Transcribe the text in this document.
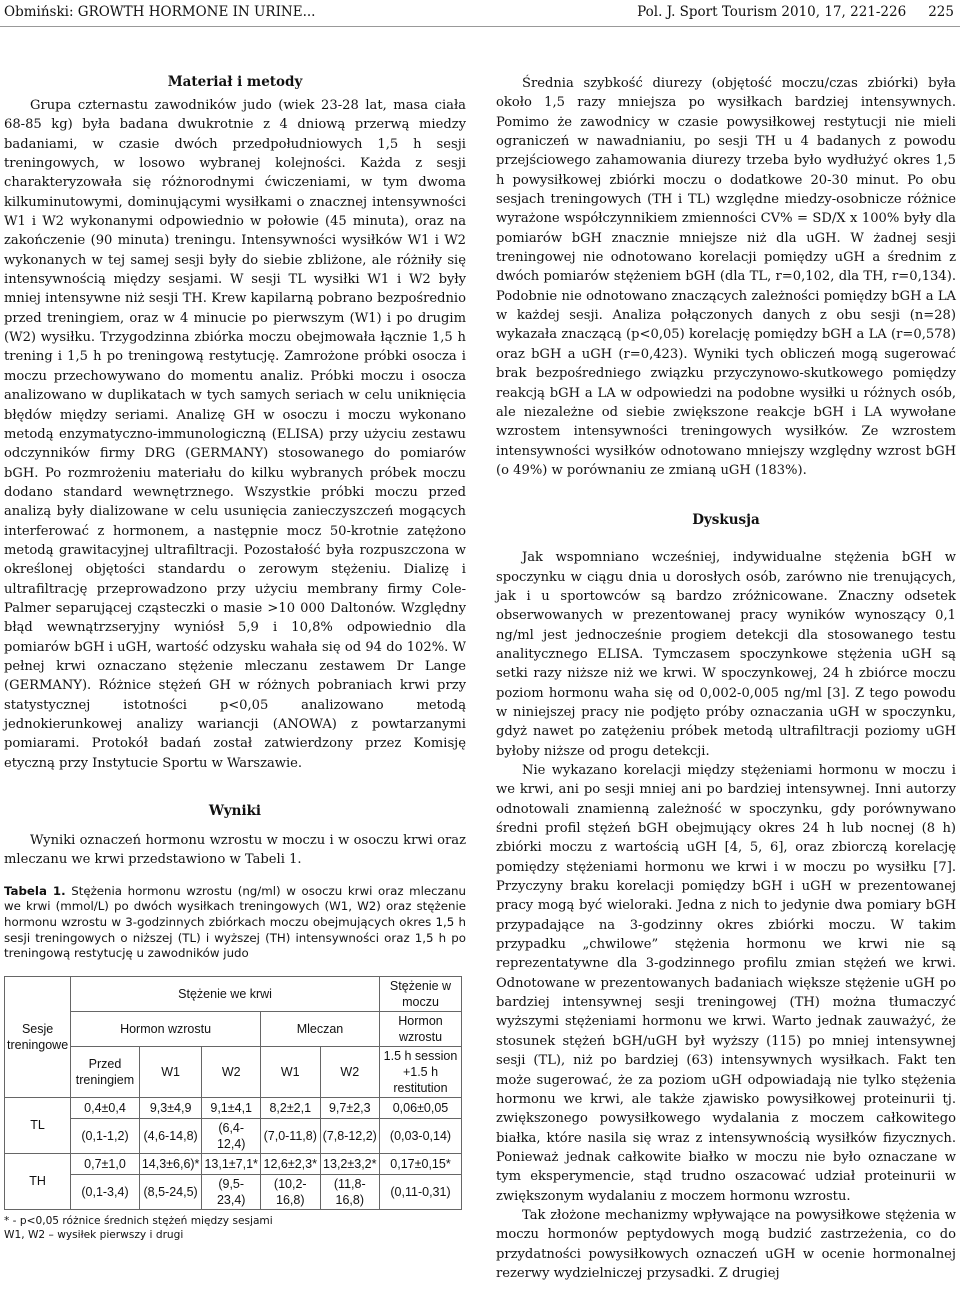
Obmiński: GROWTH HORMONE IN URINE...	Pol. J. Sport Tourism 2010, 17, 221-226 225
Materiał i metody

Grupa czternastu zawodników judo (wiek 23-28 lat, masa ciała 68-85 kg) była badana dwukrotnie z 4 dniową przerwą miedzy badaniami, w czasie dwóch przedpołudniowych 1,5 h sesji treningowych, w losowo wybranej kolejności. Każda z sesji charakteryzowała się różnorodnymi ćwiczeniami, w tym dwoma kilkuminutowymi, dominującymi wysiłkami o znacznej intensywności W1 i W2 wykonanymi odpowiednio w połowie (45 minuta), oraz na zakończenie (90 minuta) treningu. Intensywności wysiłków W1 i W2 wykonanych w tej samej sesji były do siebie zbliżone, ale różniły się intensywnością między sesjami. W sesji TL wysiłki W1 i W2 były mniej intensywne niż sesji TH. Krew kapilarną pobrano bezpośrednio przed treningiem, oraz w 4 minucie po pierwszym (W1) i po drugim (W2) wysiłku. Trzygodzinna zbiórka moczu obejmowała łącznie 1,5 h trening i 1,5 h po treningową restytucję. Zamrożone próbki osocza i moczu przechowywano do momentu analiz. Próbki moczu i osocza analizowano w duplikatach w tych samych seriach w celu uniknięcia błędów między seriami. Analizę GH w osoczu i moczu wykonano metodą enzymatyczno-immunologiczną (ELISA) przy użyciu zestawu odczynników firmy DRG (GERMANY) stosowanego do pomiarów bGH. Po rozmrożeniu materiału do kilku wybranych próbek moczu dodano standard wewnętrznego. Wszystkie próbki moczu przed analizą były dializowane w celu usunięcia zanieczyszczeń mogących interferować z hormonem, a następnie mocz 50-krotnie zatężono metodą grawitacyjnej ultrafiltracji. Pozostałość była rozpuszczona w określonej objętości standardu o zerowym stężeniu. Dializę i ultrafiltrację przeprowadzono przy użyciu membrany firmy Cole-Palmer separującej cząsteczki o masie >10 000 Daltonów. Względny błąd wewnątrzseryjny wyniósł 5,9 i 10,8% odpowiednio dla pomiarów bGH i uGH, wartość odzysku wahała się od 94 do 102%. W pełnej krwi oznaczano stężenie mleczanu zestawem Dr Lange (GERMANY). Różnice stężeń GH w różnych pobraniach krwi przy statystycznej istotności p<0,05 analizowano metodą jednokierunkowej analizy wariancji (ANOWA) z powtarzanymi pomiarami. Protokół badań został zatwierdzony przez Komisję etyczną przy Instytucie Sportu w Warszawie.

Wyniki

Wyniki oznaczeń hormonu wzrostu w moczu i w osoczu krwi oraz mleczanu we krwi przedstawiono w Tabeli 1.

Tabela 1. Stężenia hormonu wzrostu (ng/ml) w osoczu krwi oraz mleczanu we krwi (mmol/L) po dwóch wysiłkach treningowych (W1, W2) oraz stężenie hormonu wzrostu w 3-godzinnych zbiórkach moczu obejmujących okres 1,5 h sesji treningowych o niższej (TL) i wyższej (TH) intensywności oraz 1,5 h po treningową restytucję u zawodników judo

Sesje treningowe	Stężenie we krwi					Stężenie w moczu
	Hormon wzrostu			Mleczan		Hormon wzrostu
	Przed treningiem	W1	W2	W1	W2	1.5 h session +1.5 h restitution
TL	0,4±0,4	9,3±4,9	9,1±4,1	8,2±2,1	9,7±2,3	0,06±0,05
	(0,1-1,2)	(4,6-14,8)	(6,4-12,4)	(7,0-11,8)	(7,8-12,2)	(0,03-0,14)
TH	0,7±1,0	14,3±6,6)*	13,1±7,1*	12,6±2,3*	13,2±3,2*	0,17±0,15*
	(0,1-3,4)	(8,5-24,5)	(9,5-23,4)	(10,2-16,8)	(11,8-16,8)	(0,11-0,31)
* - p<0,05 różnice średnich stężeń między sesjami
W1, W2 – wysiłek pierwszy i drugi

Średnia szybkość diurezy (objętość moczu/czas zbiórki) była około 1,5 razy mniejsza po wysiłkach bardziej intensywnych. Pomimo że zawodnicy w czasie powysiłkowej restytucji nie mieli ograniczeń w nawadnianiu, po sesji TH u 4 badanych z powodu przejściowego zahamowania diurezy trzeba było wydłużyć okres 1,5 h powysiłkowej zbiórki moczu o dodatkowe 20-30 minut. Po obu sesjach treningowych (TH i TL) względne miedzy-osobnicze różnice wyrażone współczynnikiem zmienności CV% = SD/X x 100% były dla pomiarów bGH znacznie mniejsze niż dla uGH. W żadnej sesji treningowej nie odnotowano korelacji pomiędzy uGH a średnim z dwóch pomiarów stężeniem bGH (dla TL, r=0,102, dla TH, r=0,134). Podobnie nie odnotowano znaczących zależności pomiędzy bGH a LA w każdej sesji. Analiza połączonych danych z obu sesji (n=28) wykazała znaczącą (p<0,05) korelację pomiędzy bGH a LA (r=0,578) oraz bGH a uGH (r=0,423). Wyniki tych obliczeń mogą sugerować brak bezpośredniego związku przyczynowo-skutkowego pomiędzy reakcją bGH a LA w odpowiedzi na podobne wysiłki u różnych osób, ale niezależne od siebie zwiększone reakcje bGH i LA wywołane wzrostem intensywności treningowych wysiłków. Ze wzrostem intensywności wysiłków odnotowano mniejszy względny wzrost bGH (o 49%) w porównaniu ze zmianą uGH (183%).

Dyskusja

Jak wspomniano wcześniej, indywidualne stężenia bGH w spoczynku w ciągu dnia u dorosłych osób, zarówno nie trenujących, jak i u sportowców są bardzo zróżnicowane. Znaczny odsetek obserwowanych w prezentowanej pracy wyników wynoszący 0,1 ng/ml jest jednocześnie progiem detekcji dla stosowanego testu analitycznego ELISA. Tymczasem spoczynkowe stężenia uGH są setki razy niższe niż we krwi. W spoczynkowej, 24 h zbiórce moczu poziom hormonu waha się od 0,002-0,005 ng/ml [3]. Z tego powodu w niniejszej pracy nie podjęto próby oznaczania uGH w spoczynku, gdyż nawet po zatężeniu próbek metodą ultrafiltracji poziomy uGH byłoby niższe od progu detekcji.

Nie wykazano korelacji między stężeniami hormonu w moczu i we krwi, ani po sesji mniej ani po bardziej intensywnej. Inni autorzy odnotowali znamienną zależność w spoczynku, gdy porównywano średni profil stężeń bGH obejmujący okres 24 h lub nocnej (8 h) zbiórki moczu z wartością uGH [4, 5, 6], oraz zbiorczą korelację pomiędzy stężeniami hormonu we krwi i w moczu po wysiłku [7]. Przyczyny braku korelacji pomiędzy bGH i uGH w prezentowanej pracy mogą być wieloraki. Jedna z nich to jedynie dwa pomiary bGH przypadające na 3-godzinny okres zbiórki moczu. W takim przypadku „chwilowe” stężenia hormonu we krwi nie są reprezentatywne dla 3-godzinnego profilu zmian stężeń we krwi. Odnotowane w prezentowanych badaniach większe stężenie uGH po bardziej intensywnej sesji treningowej (TH) można tłumaczyć wyższymi stężeniami hormonu we krwi. Warto jednak zauważyć, że stosunek stężeń bGH/uGH był wyższy (115) po mniej intensywnej sesji (TL), niż po bardziej (63) intensywnych wysiłkach. Fakt ten może sugerować, że za poziom uGH odpowiadają nie tylko stężenia hormonu we krwi, ale także zjawisko powysiłkowej proteinurii tj. zwiększonego powysiłkowego wydalania z moczem całkowitego białka, które nasila się wraz z intensywnością wysiłków fizycznych. Ponieważ jednak całkowite białko w moczu nie było oznaczane w tym eksperymencie, stąd trudno oszacować udział proteinurii w zwiększonym wydalaniu z moczem hormonu wzrostu.

Tak złożone mechanizmy wpływające na powysiłkowe stężenia w moczu hormonów peptydowych mogą budzić zastrzeżenia, co do przydatności powysiłkowych oznaczeń uGH w ocenie hormonalnej rezerwy wydzielniczej przysadki. Z drugiej
